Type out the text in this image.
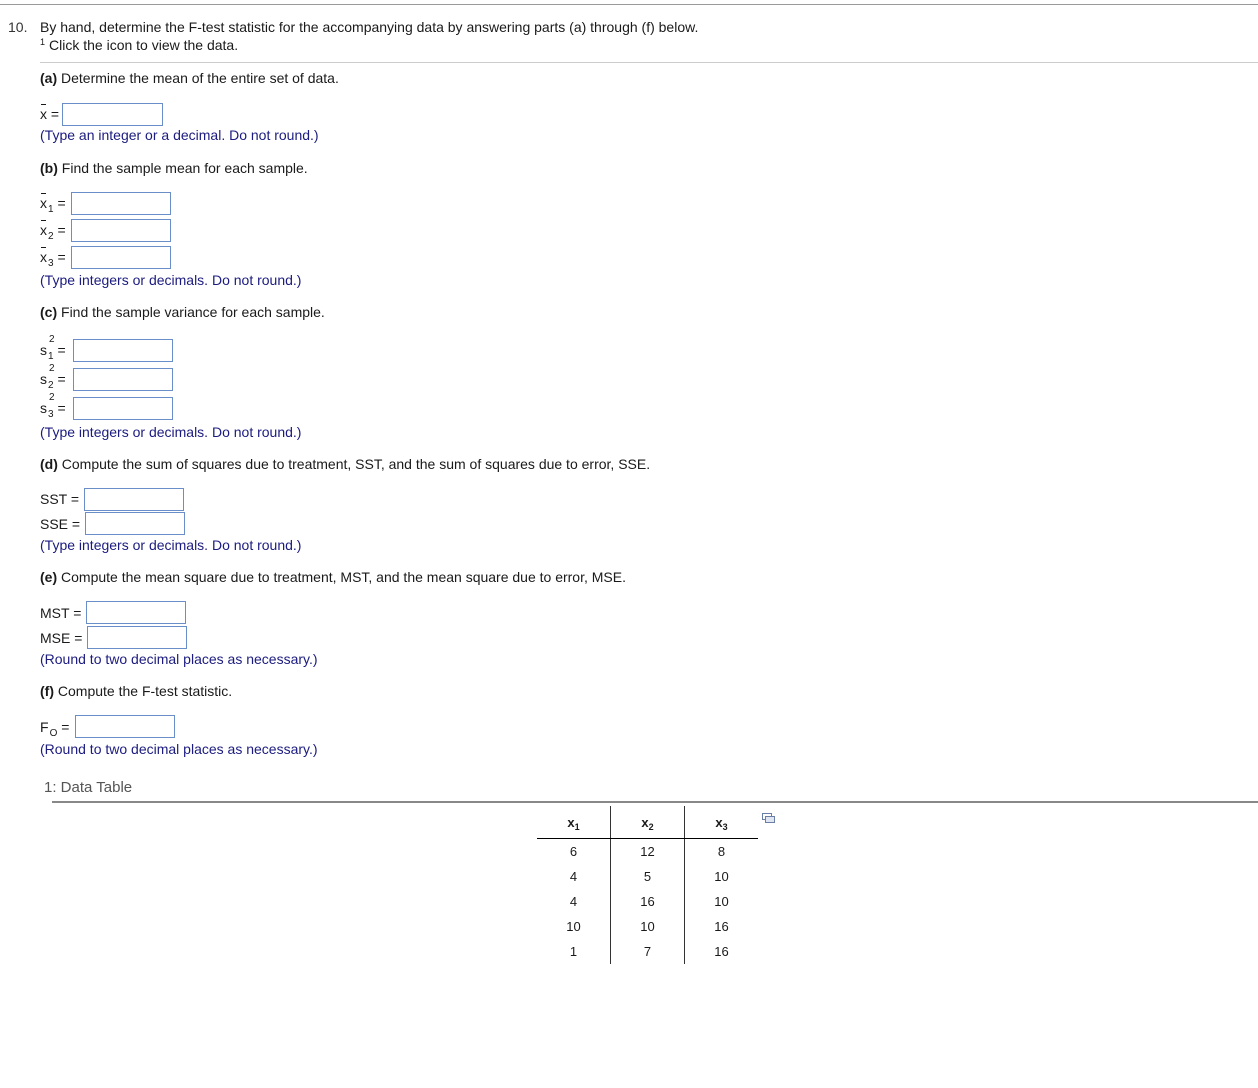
10. By hand, determine the F-test statistic for the accompanying data by answering parts (a) through (f) below.
$^1$ Click the icon to view the data.
(a) Determine the mean of the entire set of data.
x =
(Type an integer or a decimal. Do not round.)
(b) Find the sample mean for each sample.
$x_1$ =
$x_2$ =
$x_3$ =
(Type integers or decimals. Do not round.)
(c) Find the sample variance for each sample.
s
2
$_1$ =
s
2
$_2$ =
s
2
$_3$ =
(Type integers or decimals. Do not round.)
(d) Compute the sum of squares due to treatment, SST, and the sum of squares due to error, SSE.
SST =
SSE =
(Type integers or decimals. Do not round.)
(e) Compute the mean square due to treatment, MST, and the mean square due to error, MSE.
MST =
MSE =
(Round to two decimal places as necessary.)
(f) Compute the F-test statistic.
$F_O$ =
(Round to two decimal places as necessary.)
1: Data Table
$x_1$	$x_2$	$x_3$
6	12	8
4	5	10
4	16	10
10	10	16
1	7	16
